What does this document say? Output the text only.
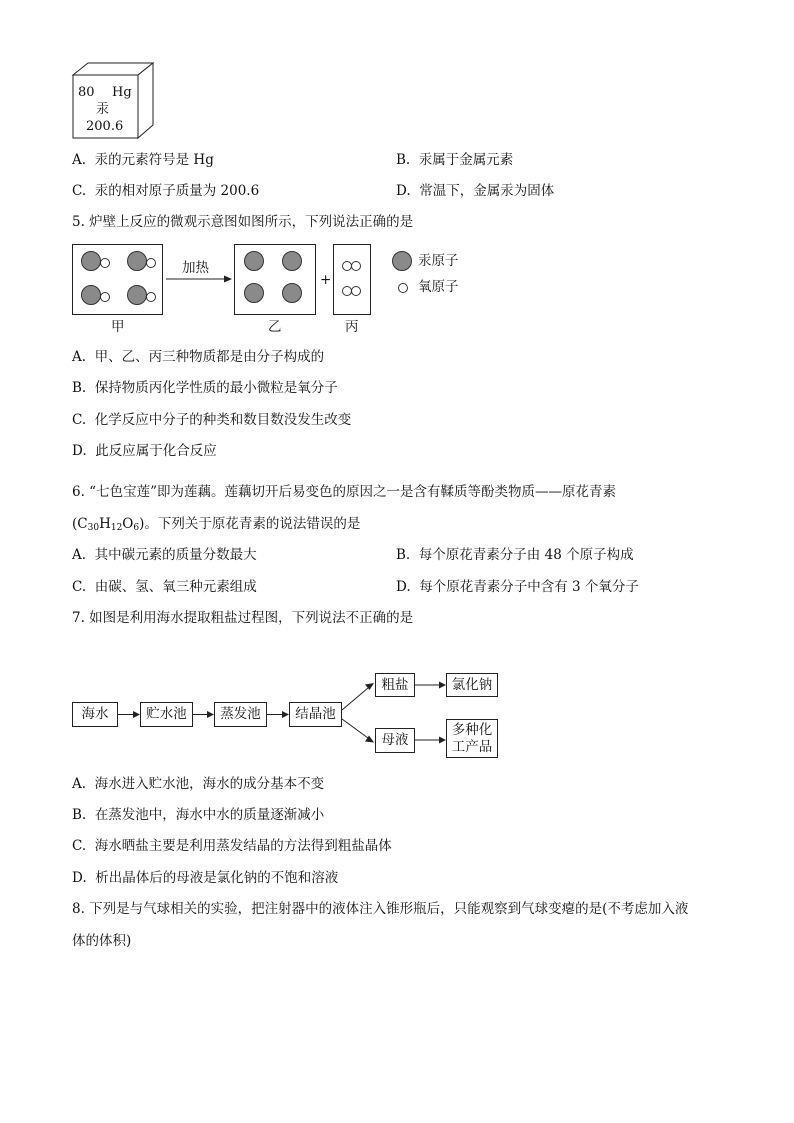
80 Hg
汞
200.6
A. 汞的元素符号是 Hg	B. 汞属于金属元素
C. 汞的相对原子质量为 200.6	D. 常温下，金属汞为固体
5. 炉壁上反应的微观示意图如图所示，下列说法正确的是
甲
加热
乙
+
丙
汞原子
氧原子
A. 甲、乙、丙三种物质都是由分子构成的
B. 保持物质丙化学性质的最小微粒是氧分子
C. 化学反应中分子的种类和数目数没发生改变
D. 此反应属于化合反应
6. “七色宝莲”即为莲藕。莲藕切开后易变色的原因之一是含有鞣质等酚类物质——原花青素
$(C_{30}H_{12}O_6)$。下列关于原花青素的说法错误的是
A. 其中碳元素的质量分数最大	B. 每个原花青素分子由 48 个原子构成
C. 由碳、氢、氧三种元素组成	D. 每个原花青素分子中含有 3 个氧分子
7. 如图是利用海水提取粗盐过程图，下列说法不正确的是
海水	贮水池	蒸发池	结晶池
粗盐	氯化钠
母液
多种化
工产品
A. 海水进入贮水池，海水的成分基本不变
B. 在蒸发池中，海水中水的质量逐渐减小
C. 海水晒盐主要是利用蒸发结晶的方法得到粗盐晶体
D. 析出晶体后的母液是氯化钠的不饱和溶液
8. 下列是与气球相关的实验，把注射器中的液体注入锥形瓶后，只能观察到气球变瘪的是(不考虑加入液
体的体积)
